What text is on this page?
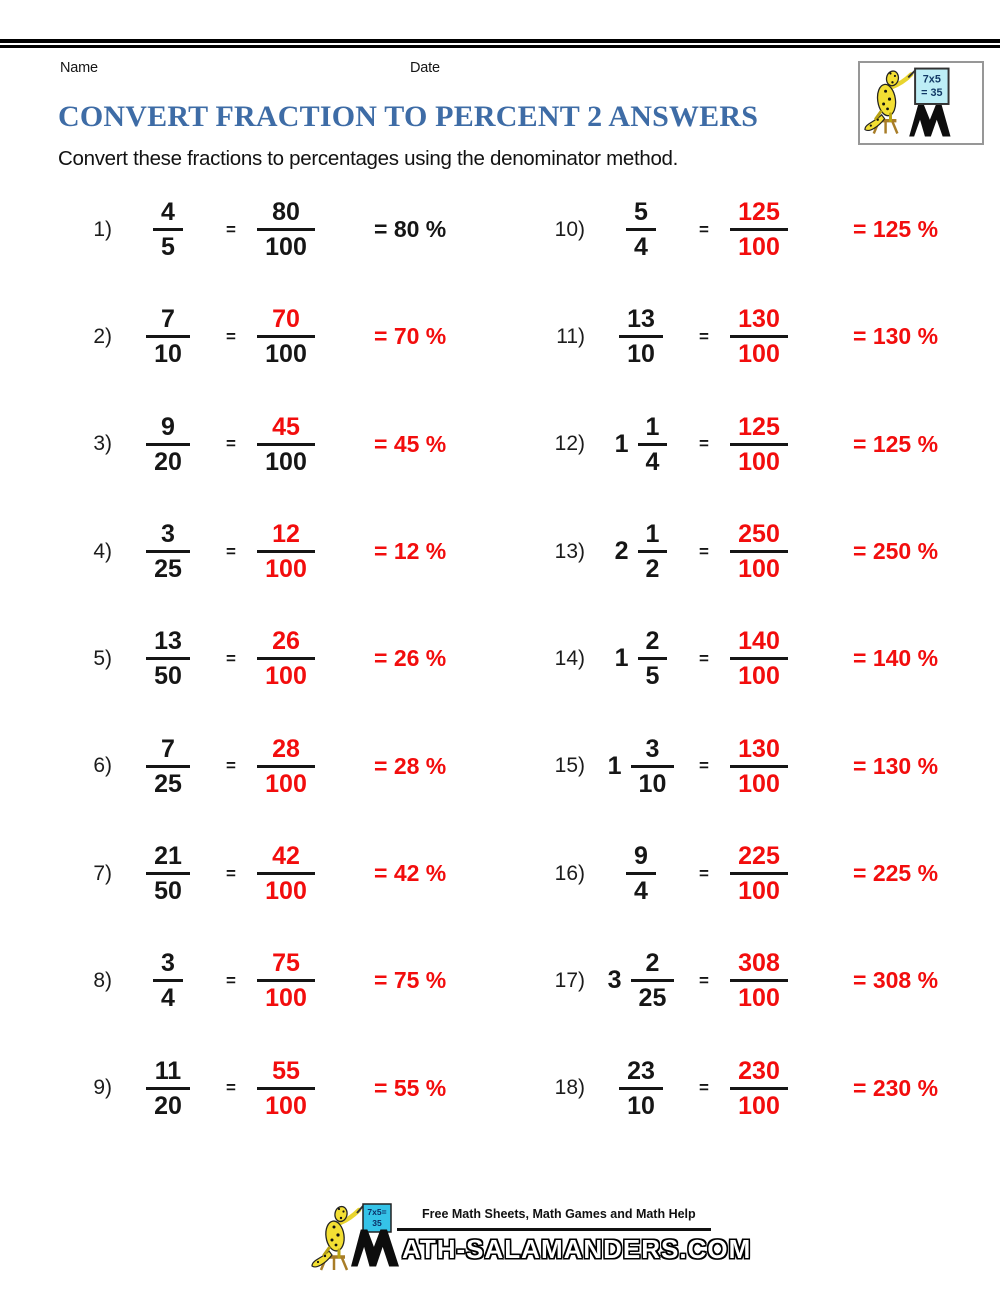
Name	Date
7x5
= 35
CONVERT FRACTION TO PERCENT 2 ANSWERS
Convert these fractions to percentages using the denominator method.
$1) \frac{4}{5}$	= $\frac{80}{100}$	= 80 %
$2) \frac{7}{10} = \frac{70}{100}$	= 70 %
$3) \frac{9}{20} = \frac{45}{100}$	= 45 %
$4) \frac{3}{25} = \frac{12}{100}$	= 12 %
$5) \frac{13}{50} = \frac{26}{100}$	= 26 %
$6) \frac{7}{25} = \frac{28}{100}$	= 28 %
$7) \frac{21}{50} = \frac{42}{100}$	= 42 %
$8) \frac{3}{4}$	= $\frac{75}{100}$	= 75 %
$9) \frac{11}{20} = \frac{55}{100}$	= 55 %
$10) \frac{5}{4}$	= $\frac{125}{100}$	= 125 %
$11) \frac{13}{10} = \frac{130}{100}$	= 130 %
12) $1 \frac{1}{4} = \frac{125}{100}$	= 125 %
13) $2 \frac{1}{2} = \frac{250}{100}$	= 250 %
14) $1 \frac{2}{5} = \frac{140}{100}$	= 140 %
15) $1 \frac{3}{10} = \frac{130}{100}$	= 130 %
$16) \frac{9}{4}$	= $\frac{225}{100}$	= 225 %
17) $3 \frac{2}{25} = \frac{308}{100}$	= 308 %
$18) \frac{23}{10} = \frac{230}{100}$	= 230 %
7x5=
35
Free Math Sheets, Math Games and Math Help
ATH-SALAMANDERS.COM
